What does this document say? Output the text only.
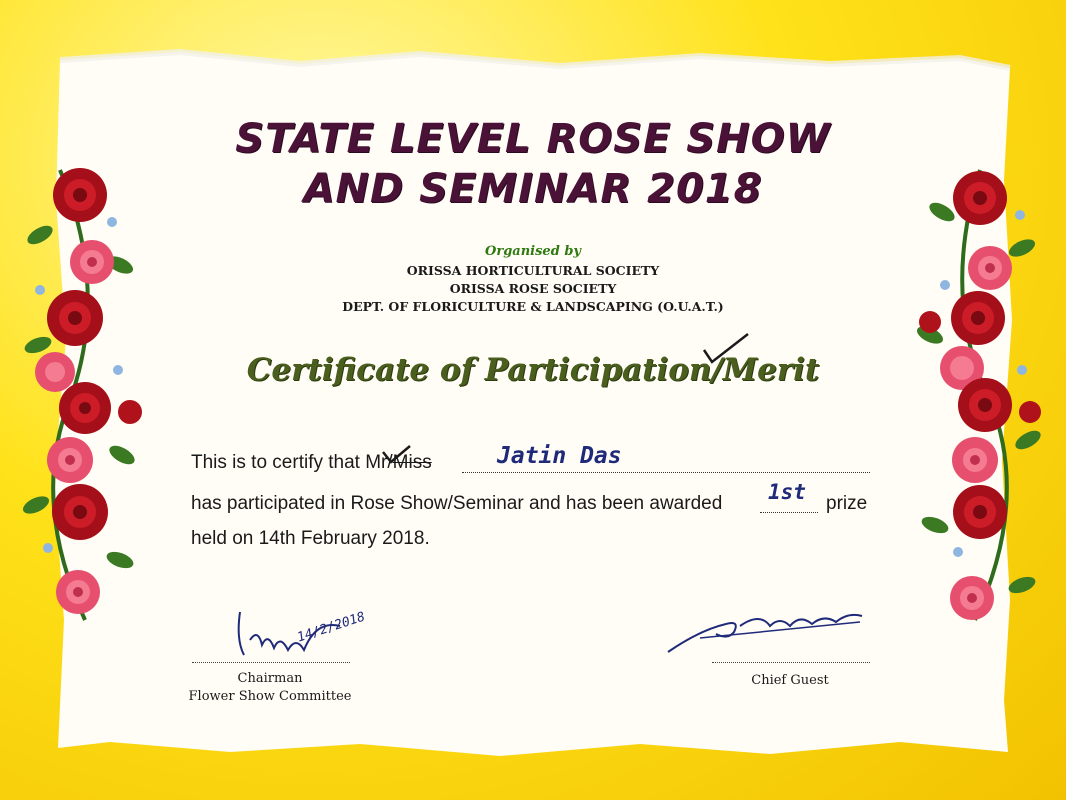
STATE LEVEL ROSE SHOW
AND SEMINAR 2018

Organised by

ORISSA HORTICULTURAL SOCIETY

ORISSA ROSE SOCIETY

DEPT. OF FLORICULTURE & LANDSCAPING (O.U.A.T.)

Certificate of Participation/Merit

This is to certify that Mr/Miss	Jatin Das
has participated in Rose Show/Seminar and has been awarded 1st prize
held on 14th February 2018.
14/2/2018
Chairman
Flower Show Committee
Chief Guest
